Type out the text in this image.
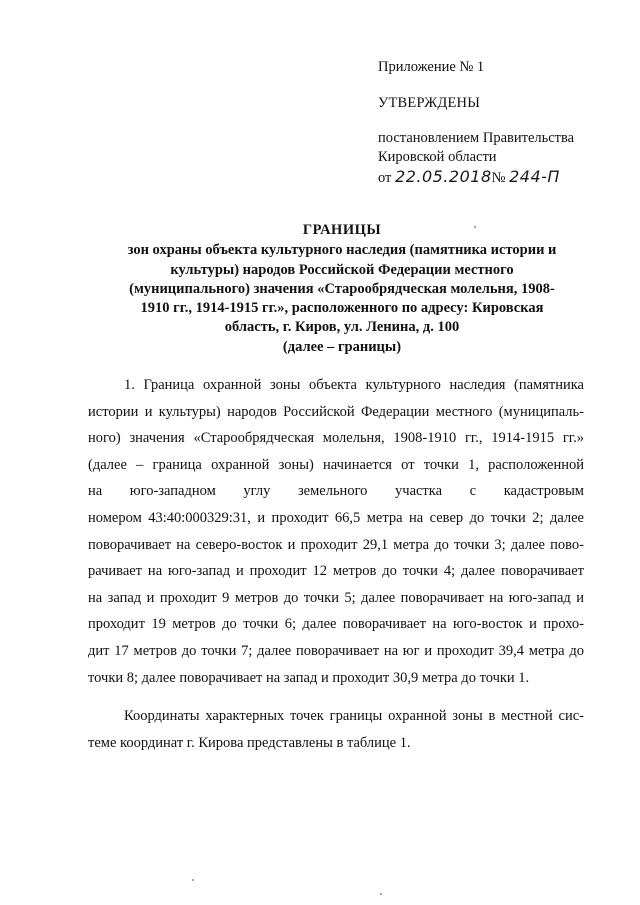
Приложение № 1

УТВЕРЖДЕНЫ

постановлением Правительства
Кировской области
от 22.05.2018№ 244-П

ГРАНИЦЫ
зон охраны объекта культурного наследия (памятника истории и
культуры) народов Российской Федерации местного
(муниципального) значения «Старообрядческая молельня, 1908-
1910 гг., 1914-1915 гг.», расположенного по адресу: Кировская
область, г. Киров, ул. Ленина, д. 100
(далее – границы)

1. Граница охранной зоны объекта культурного наследия (памятника
истории и культуры) народов Российской Федерации местного (муниципаль-
ного) значения «Старообрядческая молельня, 1908-1910 гг., 1914-1915 гг.»
(далее – граница охранной зоны) начинается от точки 1, расположенной
на юго-западном углу земельного участка с кадастровым
номером 43:40:000329:31, и проходит 66,5 метра на север до точки 2; далее
поворачивает на северо-восток и проходит 29,1 метра до точки 3; далее пово-
рачивает на юго-запад и проходит 12 метров до точки 4; далее поворачивает
на запад и проходит 9 метров до точки 5; далее поворачивает на юго-запад и
проходит 19 метров до точки 6; далее поворачивает на юго-восток и прохо-
дит 17 метров до точки 7; далее поворачивает на юг и проходит 39,4 метра до
точки 8; далее поворачивает на запад и проходит 30,9 метра до точки 1.

Координаты характерных точек границы охранной зоны в местной сис-
теме координат г. Кирова представлены в таблице 1.
